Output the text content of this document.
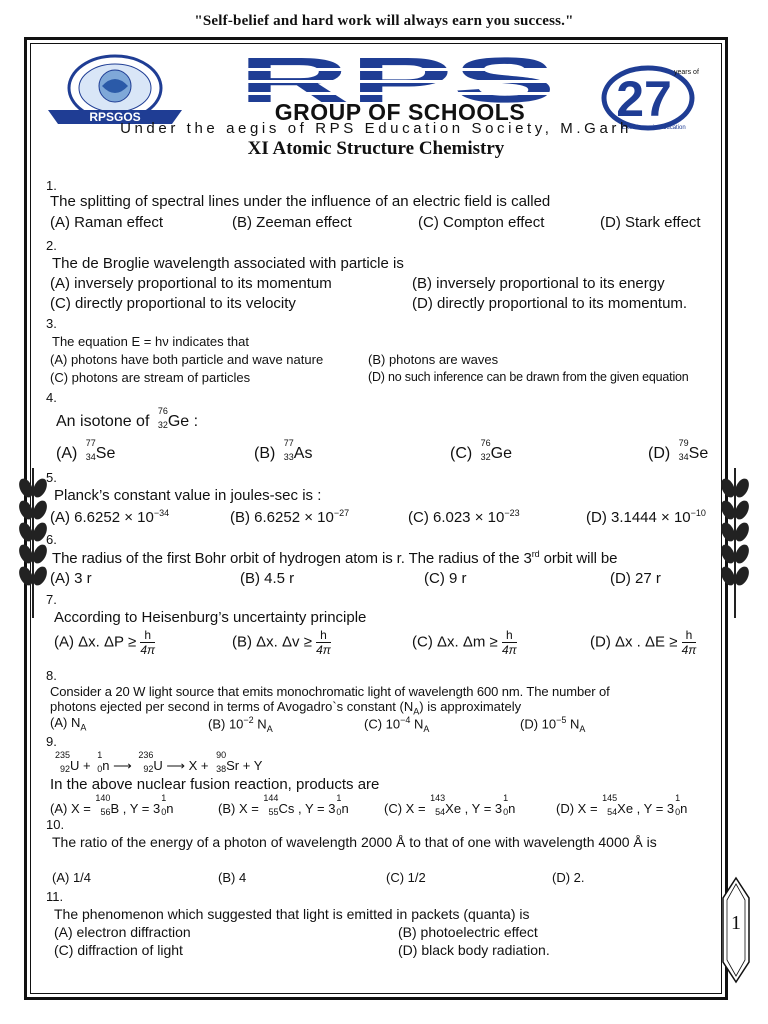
"Self-belief and hard work will always earn you success."
RPSGOS	GROUP OF SCHOOLS	27 years of
Excellence in Education
Under the aegis of RPS Education Society, M.Garh
XI Atomic Structure Chemistry
1.
The splitting of spectral lines under the influence of an electric field is called
(A) Raman effect	(B) Zeeman effect	(C) Compton effect	(D) Stark effect
2.
The de Broglie wavelength associated with particle is
(A) inversely proportional to its momentum	(B) inversely proportional to its energy
(C) directly proportional to its velocity	(D) directly proportional to its momentum.
3.
The equation E = hν indicates that
(A) photons have both particle and wave nature	(B) photons are waves
(C) photons are stream of particles	(D) no such inference can be drawn from the given equation
4.
An isotone of
76
32 Ge :
(A)
77
34 Se	(B)
77
33 As	(C)
76
32 Ge	(D)
79
34 Se
5.
Planck’s constant value in joules-sec is :
(A) $6.6252 \times 10^{-34}$	(B) $6.6252 \times 10^{-27}$	(C) $6.023 \times 10^{-23}$	(D) $3.1444 \times 10^{-10}$
6.
The radius of the first Bohr orbit of hydrogen atom is r. The radius of the 3rd orbit will be
(A) 3 r	(B) 4.5 r	(C) 9 r	(D) 27 r
7.
According to Heisenburg’s uncertainty principle
(A) Δx. $\Delta P \ge \frac{h}{4\pi}$	(B) Δx. $\Delta v \ge \frac{h}{4\pi}$	(C) Δx. $\Delta m \ge \frac{h}{4\pi}$	(D) Δx . $\Delta E \ge \frac{h}{4\pi}$
8.
Consider a 20 W light source that emits monochromatic light of wavelength 600 nm. The number of
photons ejected per second in terms of Avogadro`s constant $(N_A)$ is approximately
(A) $N_A$	(B) $10^{-2}$ $N_A$	(C) $10^{-4}$ $N_A$	(D) $10^{-5}$ $N_A$
9.
235
92 U +
1
0 n ⟶
236
92 U ⟶ X +
90
38 Sr + Y
In the above nuclear fusion reaction, products are
(A) X =
140
56 B , Y = 3
1
0 n	(B) X =
144
55 Cs , Y = 3
1
0 n	(C) X =
143
54 Xe , Y = 3
1
0 n	(D) X =
145
54 Xe , Y = 3
1
0 n
10.
The ratio of the energy of a photon of wavelength 2000 Å to that of one with wavelength 4000 Å is
(A) 1/4	(B) 4	(C) 1/2	(D) 2.
11.
The phenomenon which suggested that light is emitted in packets (quanta) is
(A) electron diffraction	(B) photoelectric effect
(C) diffraction of light	(D) black body radiation.
1
